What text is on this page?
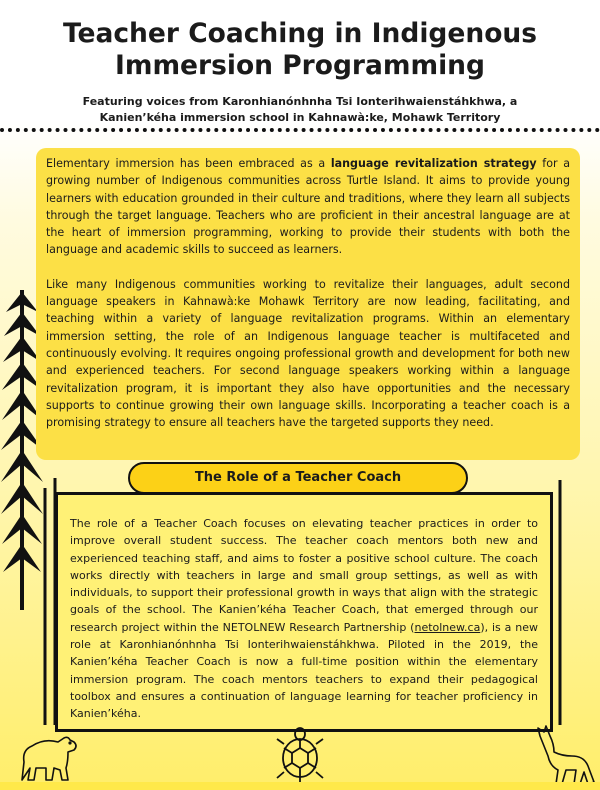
Teacher Coaching in Indigenous
Immersion Programming
Featuring voices from Karonhianónhnha Tsi Ionterihwaienstáhkhwa, a
Kanien’kéha immersion school in Kahnawà:ke, Mohawk Territory

Elementary immersion has been embraced as a language revitalization strategy for a growing number of Indigenous communities across Turtle Island. It aims to provide young learners with education grounded in their culture and traditions, where they learn all subjects through the target language. Teachers who are proficient in their ancestral language are at the heart of immersion programming, working to provide their students with both the language and academic skills to succeed as learners.

Like many Indigenous communities working to revitalize their languages, adult second language speakers in Kahnawà:ke Mohawk Territory are now leading, facilitating, and teaching within a variety of language revitalization programs. Within an elementary immersion setting, the role of an Indigenous language teacher is multifaceted and continuously evolving. It requires ongoing professional growth and development for both new and experienced teachers. For second language speakers working within a language revitalization program, it is important they also have opportunities and the necessary supports to continue growing their own language skills. Incorporating a teacher coach is a promising strategy to ensure all teachers have the targeted supports they need.

The role of a Teacher Coach focuses on elevating teacher practices in order to improve overall student success. The teacher coach mentors both new and experienced teaching staff, and aims to foster a positive school culture. The coach works directly with teachers in large and small group settings, as well as with individuals, to support their professional growth in ways that align with the strategic goals of the school. The Kanien’kéha Teacher Coach, that emerged through our research project within the NETOLNEW Research Partnership (netolnew.ca), is a new role at Karonhianónhnha Tsi Ionterihwaienstáhkhwa. Piloted in the 2019, the Kanien’kéha Teacher Coach is now a full-time position within the elementary immersion program. The coach mentors teachers to expand their pedagogical toolbox and ensures a continuation of language learning for teacher proficiency in Kanien’kéha.

The Role of a Teacher Coach
